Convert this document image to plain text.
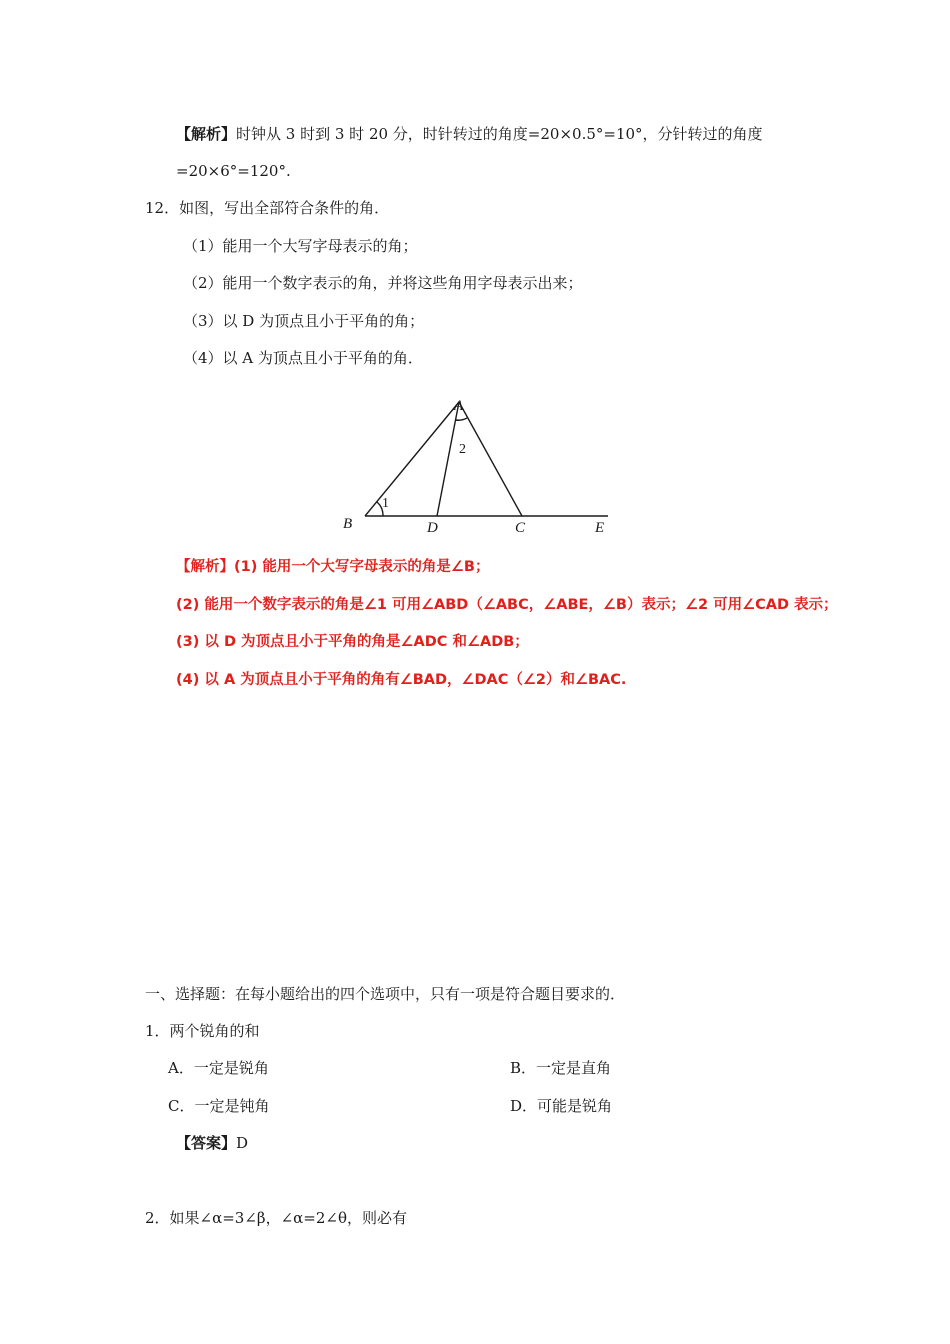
【解析】时钟从 3 时到 3 时 20 分，时针转过的角度=20×0.5°=10°，分针转过的角度
=20×6°=120°.
12．如图，写出全部符合条件的角．
（1）能用一个大写字母表示的角；
（2）能用一个数字表示的角，并将这些角用字母表示出来；
（3）以 D 为顶点且小于平角的角；
（4）以 A 为顶点且小于平角的角．
A
B	D	C	E
1
2
【解析】(1) 能用一个大写字母表示的角是∠B；
(2) 能用一个数字表示的角是∠1 可用∠ABD（∠ABC，∠ABE，∠B）表示；∠2 可用∠CAD 表示；
(3) 以 D 为顶点且小于平角的角是∠ADC 和∠ADB；
(4) 以 A 为顶点且小于平角的角有∠BAD，∠DAC（∠2）和∠BAC.
一、选择题：在每小题给出的四个选项中，只有一项是符合题目要求的．
1．两个锐角的和
A．一定是锐角	B．一定是直角
C．一定是钝角	D．可能是锐角
【答案】D
2．如果∠α=3∠β，∠α=2∠θ，则必有
